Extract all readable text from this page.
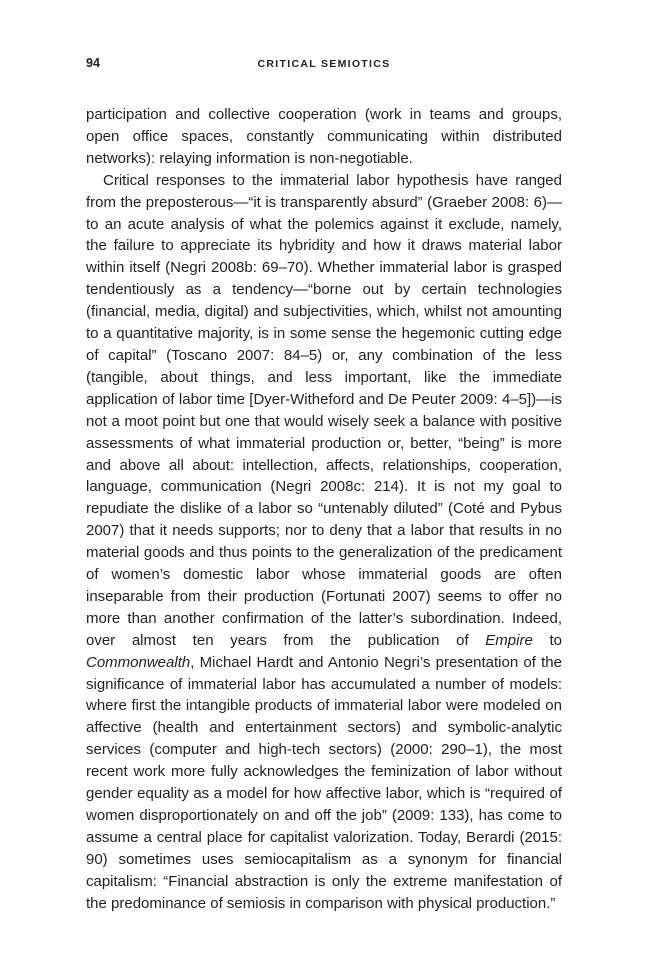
94	CRITICAL SEMIOTICS

participation and collective cooperation (work in teams and groups, open office spaces, constantly communicating within distributed networks): relaying information is non-negotiable.

Critical responses to the immaterial labor hypothesis have ranged from the preposterous—“it is transparently absurd” (Graeber 2008: 6)—to an acute analysis of what the polemics against it exclude, namely, the failure to appreciate its hybridity and how it draws material labor within itself (Negri 2008b: 69–70). Whether immaterial labor is grasped tendentiously as a tendency—“borne out by certain technologies (financial, media, digital) and subjectivities, which, whilst not amounting to a quantitative majority, is in some sense the hegemonic cutting edge of capital” (Toscano 2007: 84–5) or, any combination of the less (tangible, about things, and less important, like the immediate application of labor time [Dyer-Witheford and De Peuter 2009: 4–5])—is not a moot point but one that would wisely seek a balance with positive assessments of what immaterial production or, better, “being” is more and above all about: intellection, affects, relationships, cooperation, language, communication (Negri 2008c: 214). It is not my goal to repudiate the dislike of a labor so “untenably diluted” (Coté and Pybus 2007) that it needs supports; nor to deny that a labor that results in no material goods and thus points to the generalization of the predicament of women’s domestic labor whose immaterial goods are often inseparable from their production (Fortunati 2007) seems to offer no more than another confirmation of the latter’s subordination. Indeed, over almost ten years from the publication of Empire to Commonwealth, Michael Hardt and Antonio Negri’s presentation of the significance of immaterial labor has accumulated a number of models: where first the intangible products of immaterial labor were modeled on affective (health and entertainment sectors) and symbolic-analytic services (computer and high-tech sectors) (2000: 290–1), the most recent work more fully acknowledges the feminization of labor without gender equality as a model for how affective labor, which is “required of women disproportionately on and off the job” (2009: 133), has come to assume a central place for capitalist valorization. Today, Berardi (2015: 90) sometimes uses semiocapitalism as a synonym for financial capitalism: “Financial abstraction is only the extreme manifestation of the predominance of semiosis in comparison with physical production.”
